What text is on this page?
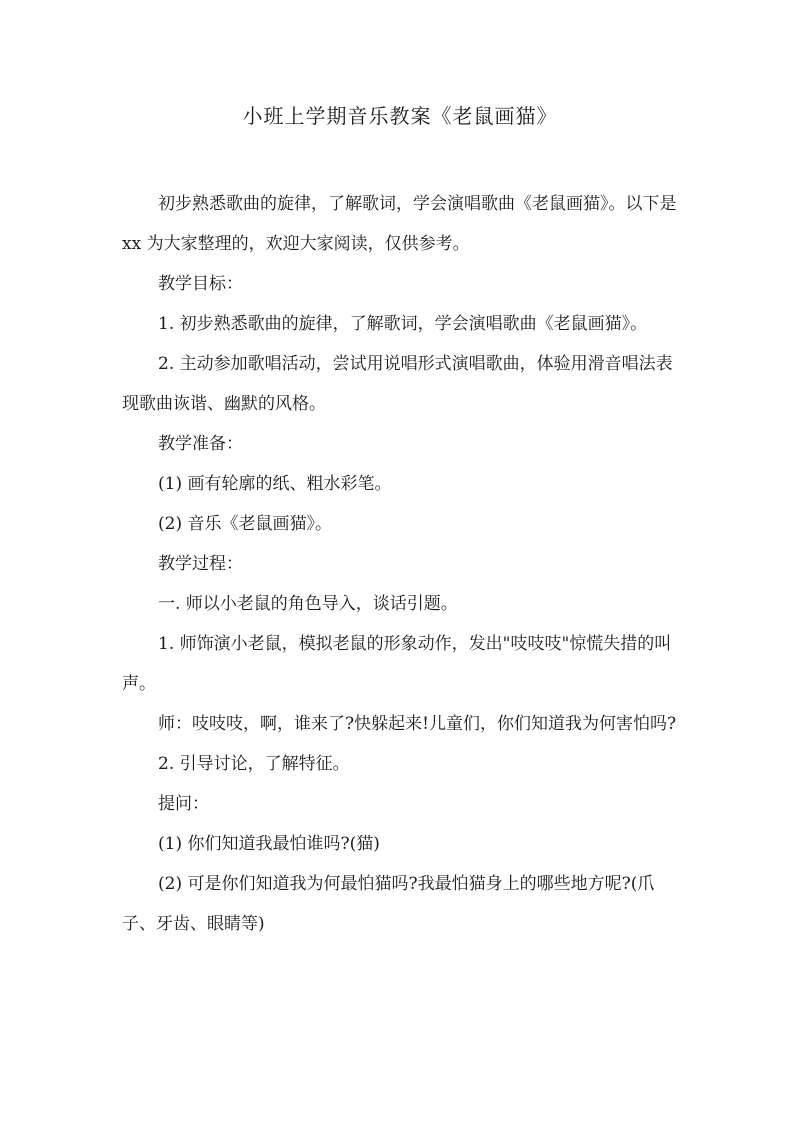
小班上学期音乐教案《老鼠画猫》

初步熟悉歌曲的旋律，了解歌词，学会演唱歌曲《老鼠画猫》。以下是 xx 为大家整理的，欢迎大家阅读，仅供参考。

教学目标：

1. 初步熟悉歌曲的旋律，了解歌词，学会演唱歌曲《老鼠画猫》。

2. 主动参加歌唱活动，尝试用说唱形式演唱歌曲，体验用滑音唱法表现歌曲诙谐、幽默的风格。

教学准备：

(1) 画有轮廓的纸、粗水彩笔。

(2) 音乐《老鼠画猫》。

教学过程：

一. 师以小老鼠的角色导入，谈话引题。

1. 师饰演小老鼠，模拟老鼠的形象动作，发出"吱吱吱"惊慌失措的叫声。

师：吱吱吱，啊，谁来了?快躲起来!儿童们，你们知道我为何害怕吗?

2. 引导讨论，了解特征。

提问：

(1) 你们知道我最怕谁吗?(猫)

(2) 可是你们知道我为何最怕猫吗?我最怕猫身上的哪些地方呢?(爪子、牙齿、眼睛等)
